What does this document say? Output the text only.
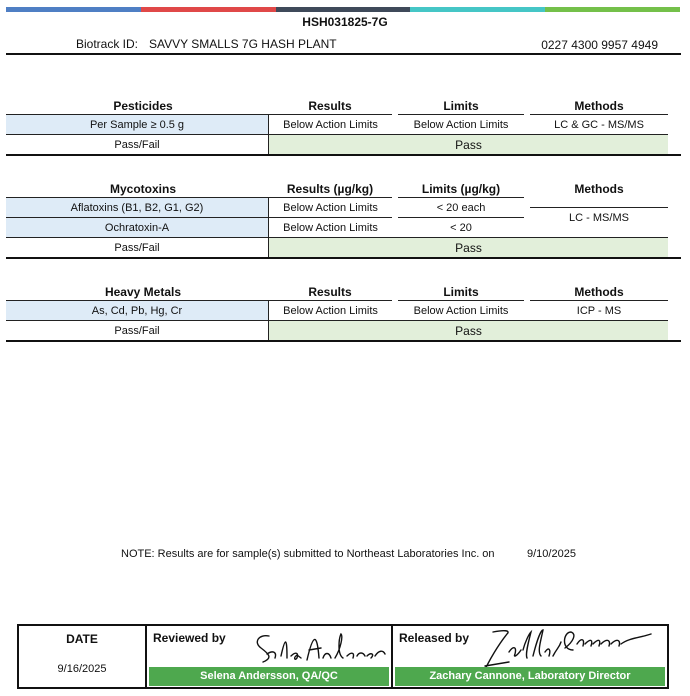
HSH031825-7G
Biotrack ID: SAVVY SMALLS 7G HASH PLANT	0227 4300 9957 4949
Pesticides	Results	Limits	Methods
Per Sample ≥ 0.5 g	Below Action Limits	Below Action Limits	LC & GC - MS/MS
Pass/Fail	Pass
Mycotoxins	Results (µg/kg)	Limits (µg/kg)	Methods
Aflatoxins (B1, B2, G1, G2)	Below Action Limits	< 20 each
LC - MS/MS
Ochratoxin-A	Below Action Limits	< 20
Pass/Fail	Pass
Heavy Metals	Results	Limits	Methods
As, Cd, Pb, Hg, Cr	Below Action Limits	Below Action Limits	ICP - MS
Pass/Fail	Pass
NOTE: Results are for sample(s) submitted to Northeast Laboratories Inc. on	9/10/2025
DATE
9/16/2025
Reviewed by
Selena Andersson, QA/QC
Released by
Zachary Cannone, Laboratory Director
